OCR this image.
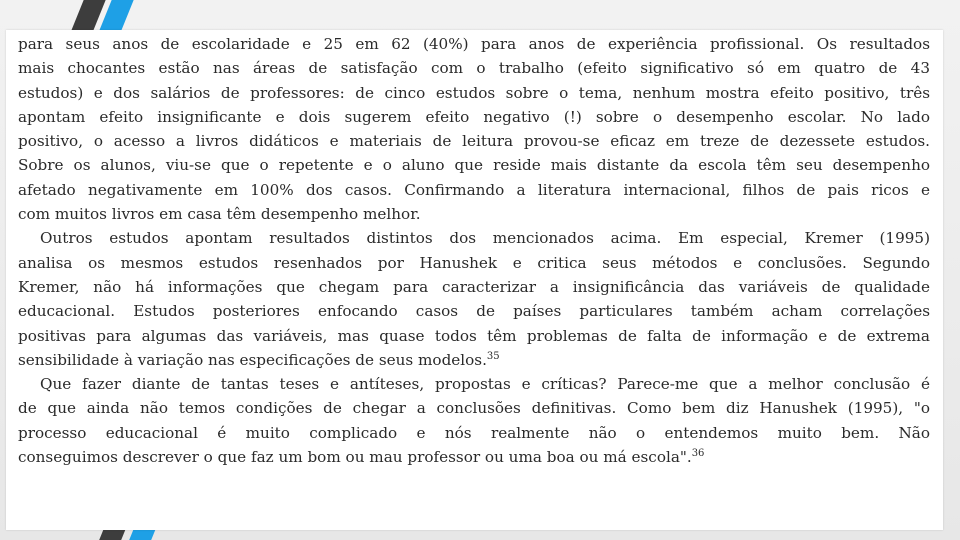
para seus anos de escolaridade e 25 em 62 (40%) para anos de experiência profissional. Os resultados
mais chocantes estão nas áreas de satisfação com o trabalho (efeito significativo só em quatro de 43
estudos) e dos salários de professores: de cinco estudos sobre o tema, nenhum mostra efeito positivo, três
apontam efeito insignificante e dois sugerem efeito negativo (!) sobre o desempenho escolar. No lado
positivo, o acesso a livros didáticos e materiais de leitura provou-se eficaz em treze de dezessete estudos.
Sobre os alunos, viu-se que o repetente e o aluno que reside mais distante da escola têm seu desempenho
afetado negativamente em 100% dos casos. Confirmando a literatura internacional, filhos de pais ricos e
com muitos livros em casa têm desempenho melhor.
Outros estudos apontam resultados distintos dos mencionados acima. Em especial, Kremer (1995)
analisa os mesmos estudos resenhados por Hanushek e critica seus métodos e conclusões. Segundo
Kremer, não há informações que chegam para caracterizar a insignificância das variáveis de qualidade
educacional. Estudos posteriores enfocando casos de países particulares também acham correlações
positivas para algumas das variáveis, mas quase todos têm problemas de falta de informação e de extrema
sensibilidade à variação nas especificações de seus modelos.$^{35}$
Que fazer diante de tantas teses e antíteses, propostas e críticas? Parece-me que a melhor conclusão é
de que ainda não temos condições de chegar a conclusões definitivas. Como bem diz Hanushek (1995), "o
processo educacional é muito complicado e nós realmente não o entendemos muito bem. Não
conseguimos descrever o que faz um bom ou mau professor ou uma boa ou má escola".$^{36}$
